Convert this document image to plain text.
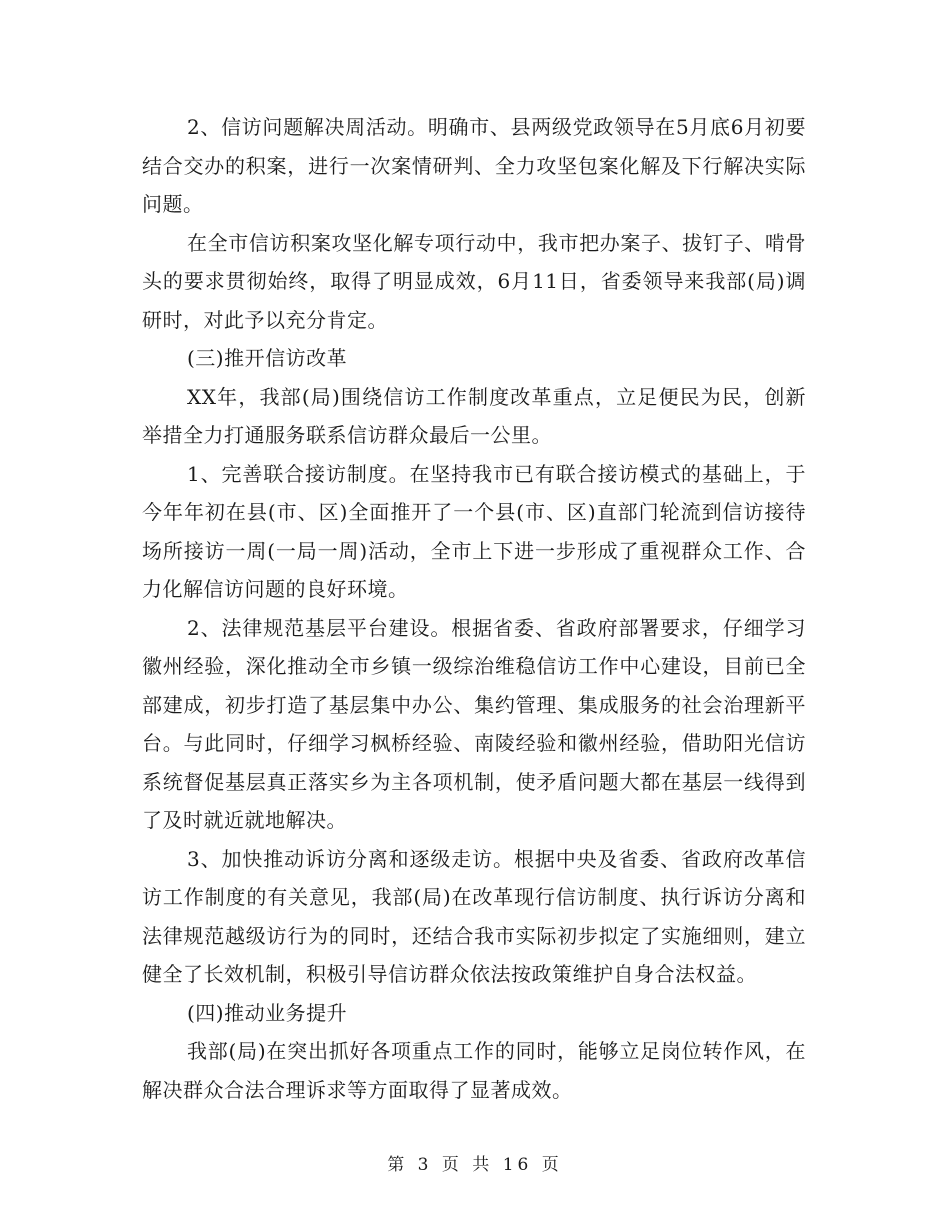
2、信访问题解决周活动。明确市、县两级党政领导在5月底6月初要结合交办的积案，进行一次案情研判、全力攻坚包案化解及下行解决实际问题。

在全市信访积案攻坚化解专项行动中，我市把办案子、拔钉子、啃骨头的要求贯彻始终，取得了明显成效，6月11日，省委领导来我部(局)调研时，对此予以充分肯定。

(三)推开信访改革

XX年，我部(局)围绕信访工作制度改革重点，立足便民为民，创新举措全力打通服务联系信访群众最后一公里。

1、完善联合接访制度。在坚持我市已有联合接访模式的基础上，于今年年初在县(市、区)全面推开了一个县(市、区)直部门轮流到信访接待场所接访一周(一局一周)活动，全市上下进一步形成了重视群众工作、合力化解信访问题的良好环境。

2、法律规范基层平台建设。根据省委、省政府部署要求，仔细学习徽州经验，深化推动全市乡镇一级综治维稳信访工作中心建设，目前已全部建成，初步打造了基层集中办公、集约管理、集成服务的社会治理新平台。与此同时，仔细学习枫桥经验、南陵经验和徽州经验，借助阳光信访系统督促基层真正落实乡为主各项机制，使矛盾问题大都在基层一线得到了及时就近就地解决。

3、加快推动诉访分离和逐级走访。根据中央及省委、省政府改革信访工作制度的有关意见，我部(局)在改革现行信访制度、执行诉访分离和法律规范越级访行为的同时，还结合我市实际初步拟定了实施细则，建立健全了长效机制，积极引导信访群众依法按政策维护自身合法权益。

(四)推动业务提升

我部(局)在突出抓好各项重点工作的同时，能够立足岗位转作风，在解决群众合法合理诉求等方面取得了显著成效。

第 3 页 共 16 页
